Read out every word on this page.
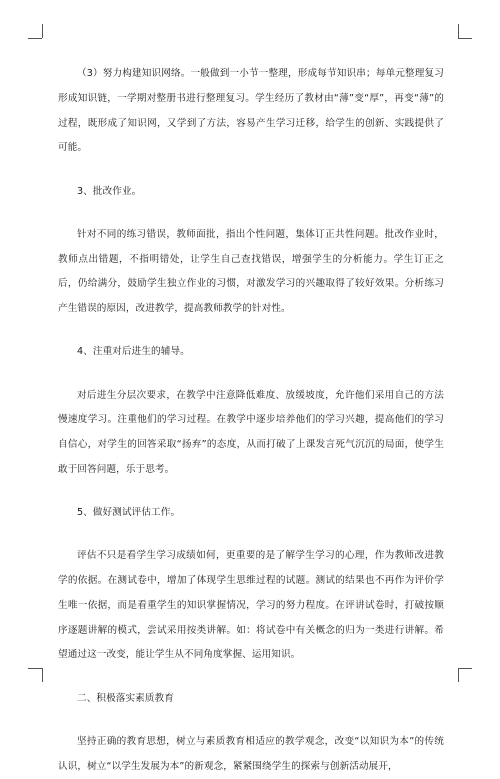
（3）努力构建知识网络。一般做到一小节一整理，形成每节知识串；每单元整理复习形成知识链，一学期对整册书进行整理复习。学生经历了教材由“薄”变“厚”，再变“薄”的过程，既形成了知识网，又学到了方法，容易产生学习迁移，给学生的创新、实践提供了可能。

3、批改作业。

针对不同的练习错误，教师面批，指出个性问题，集体订正共性问题。批改作业时，教师点出错题，不指明错处，让学生自己查找错误，增强学生的分析能力。学生订正之后，仍给满分，鼓励学生独立作业的习惯，对激发学习的兴趣取得了较好效果。分析练习产生错误的原因，改进教学，提高教师教学的针对性。

4、注重对后进生的辅导。

对后进生分层次要求，在教学中注意降低难度、放缓坡度，允许他们采用自己的方法慢速度学习。注重他们的学习过程。在教学中逐步培养他们的学习兴趣，提高他们的学习自信心，对学生的回答采取“扬弃”的态度，从而打破了上课发言死气沉沉的局面，使学生敢于回答问题，乐于思考。

5、做好测试评估工作。

评估不只是看学生学习成绩如何，更重要的是了解学生学习的心理，作为教师改进教学的依据。在测试卷中，增加了体现学生思维过程的试题。测试的结果也不再作为评价学生唯一依据，而是看重学生的知识掌握情况，学习的努力程度。在评讲试卷时，打破按顺序逐题讲解的模式，尝试采用按类讲解。如：将试卷中有关概念的归为一类进行讲解。希望通过这一改变，能让学生从不同角度掌握、运用知识。

二、积极落实素质教育

坚持正确的教育思想，树立与素质教育相适应的教学观念，改变“以知识为本”的传统认识，树立“以学生发展为本”的新观念，紧紧围绕学生的探索与创新活动展开，
